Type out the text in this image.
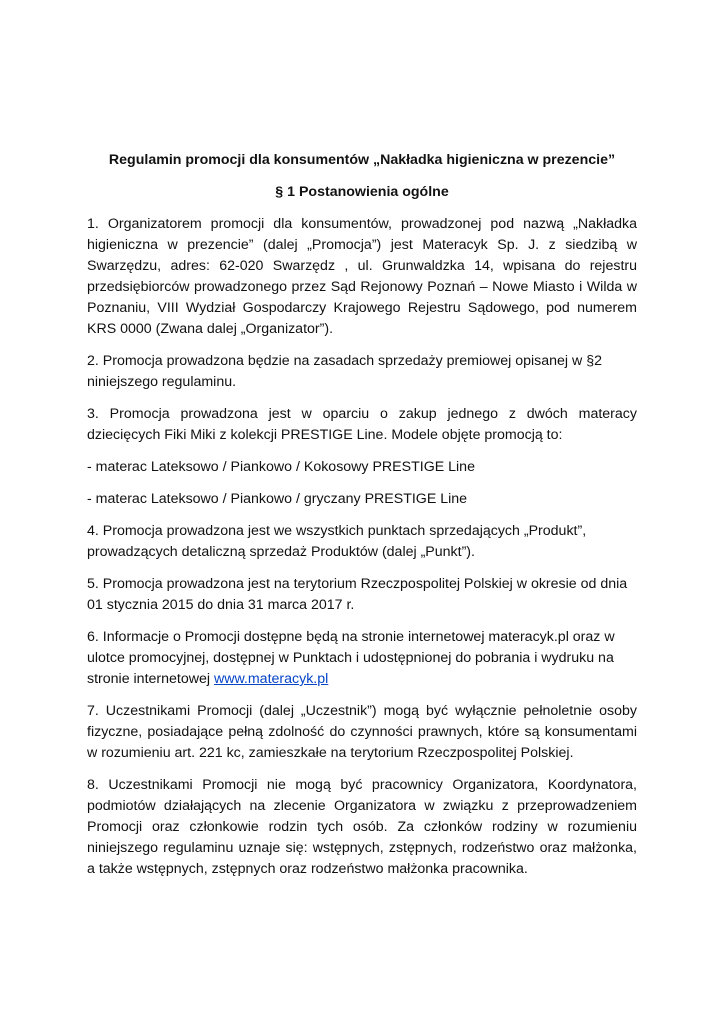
Regulamin promocji dla konsumentów „Nakładka higieniczna w prezencie”

§ 1 Postanowienia ogólne

1. Organizatorem promocji dla konsumentów, prowadzonej pod nazwą „Nakładka higieniczna w prezencie” (dalej „Promocja”) jest Materacyk Sp. J. z siedzibą w Swarzędzu, adres: 62-020 Swarzędz , ul. Grunwaldzka 14, wpisana do rejestru przedsiębiorców prowadzonego przez Sąd Rejonowy Poznań – Nowe Miasto i Wilda w Poznaniu, VIII Wydział Gospodarczy Krajowego Rejestru Sądowego, pod numerem KRS 0000 (Zwana dalej „Organizator”).

2. Promocja prowadzona będzie na zasadach sprzedaży premiowej opisanej w §2 niniejszego regulaminu.

3. Promocja prowadzona jest w oparciu o zakup jednego z dwóch materacy dziecięcych Fiki Miki z kolekcji PRESTIGE Line. Modele objęte promocją to:

- materac Lateksowo / Piankowo / Kokosowy PRESTIGE Line

- materac Lateksowo / Piankowo / gryczany PRESTIGE Line

4. Promocja prowadzona jest we wszystkich punktach sprzedających „Produkt”, prowadzących detaliczną sprzedaż Produktów (dalej „Punkt”).

5. Promocja prowadzona jest na terytorium Rzeczpospolitej Polskiej w okresie od dnia 01 stycznia 2015 do dnia 31 marca 2017 r.

6. Informacje o Promocji dostępne będą na stronie internetowej materacyk.pl oraz w ulotce promocyjnej, dostępnej w Punktach i udostępnionej do pobrania i wydruku na stronie internetowej www.materacyk.pl

7. Uczestnikami Promocji (dalej „Uczestnik”) mogą być wyłącznie pełnoletnie osoby fizyczne, posiadające pełną zdolność do czynności prawnych, które są konsumentami w rozumieniu art. 221 kc, zamieszkałe na terytorium Rzeczpospolitej Polskiej.

8. Uczestnikami Promocji nie mogą być pracownicy Organizatora, Koordynatora, podmiotów działających na zlecenie Organizatora w związku z przeprowadzeniem Promocji oraz członkowie rodzin tych osób. Za członków rodziny w rozumieniu niniejszego regulaminu uznaje się: wstępnych, zstępnych, rodzeństwo oraz małżonka, a także wstępnych, zstępnych oraz rodzeństwo małżonka pracownika.
